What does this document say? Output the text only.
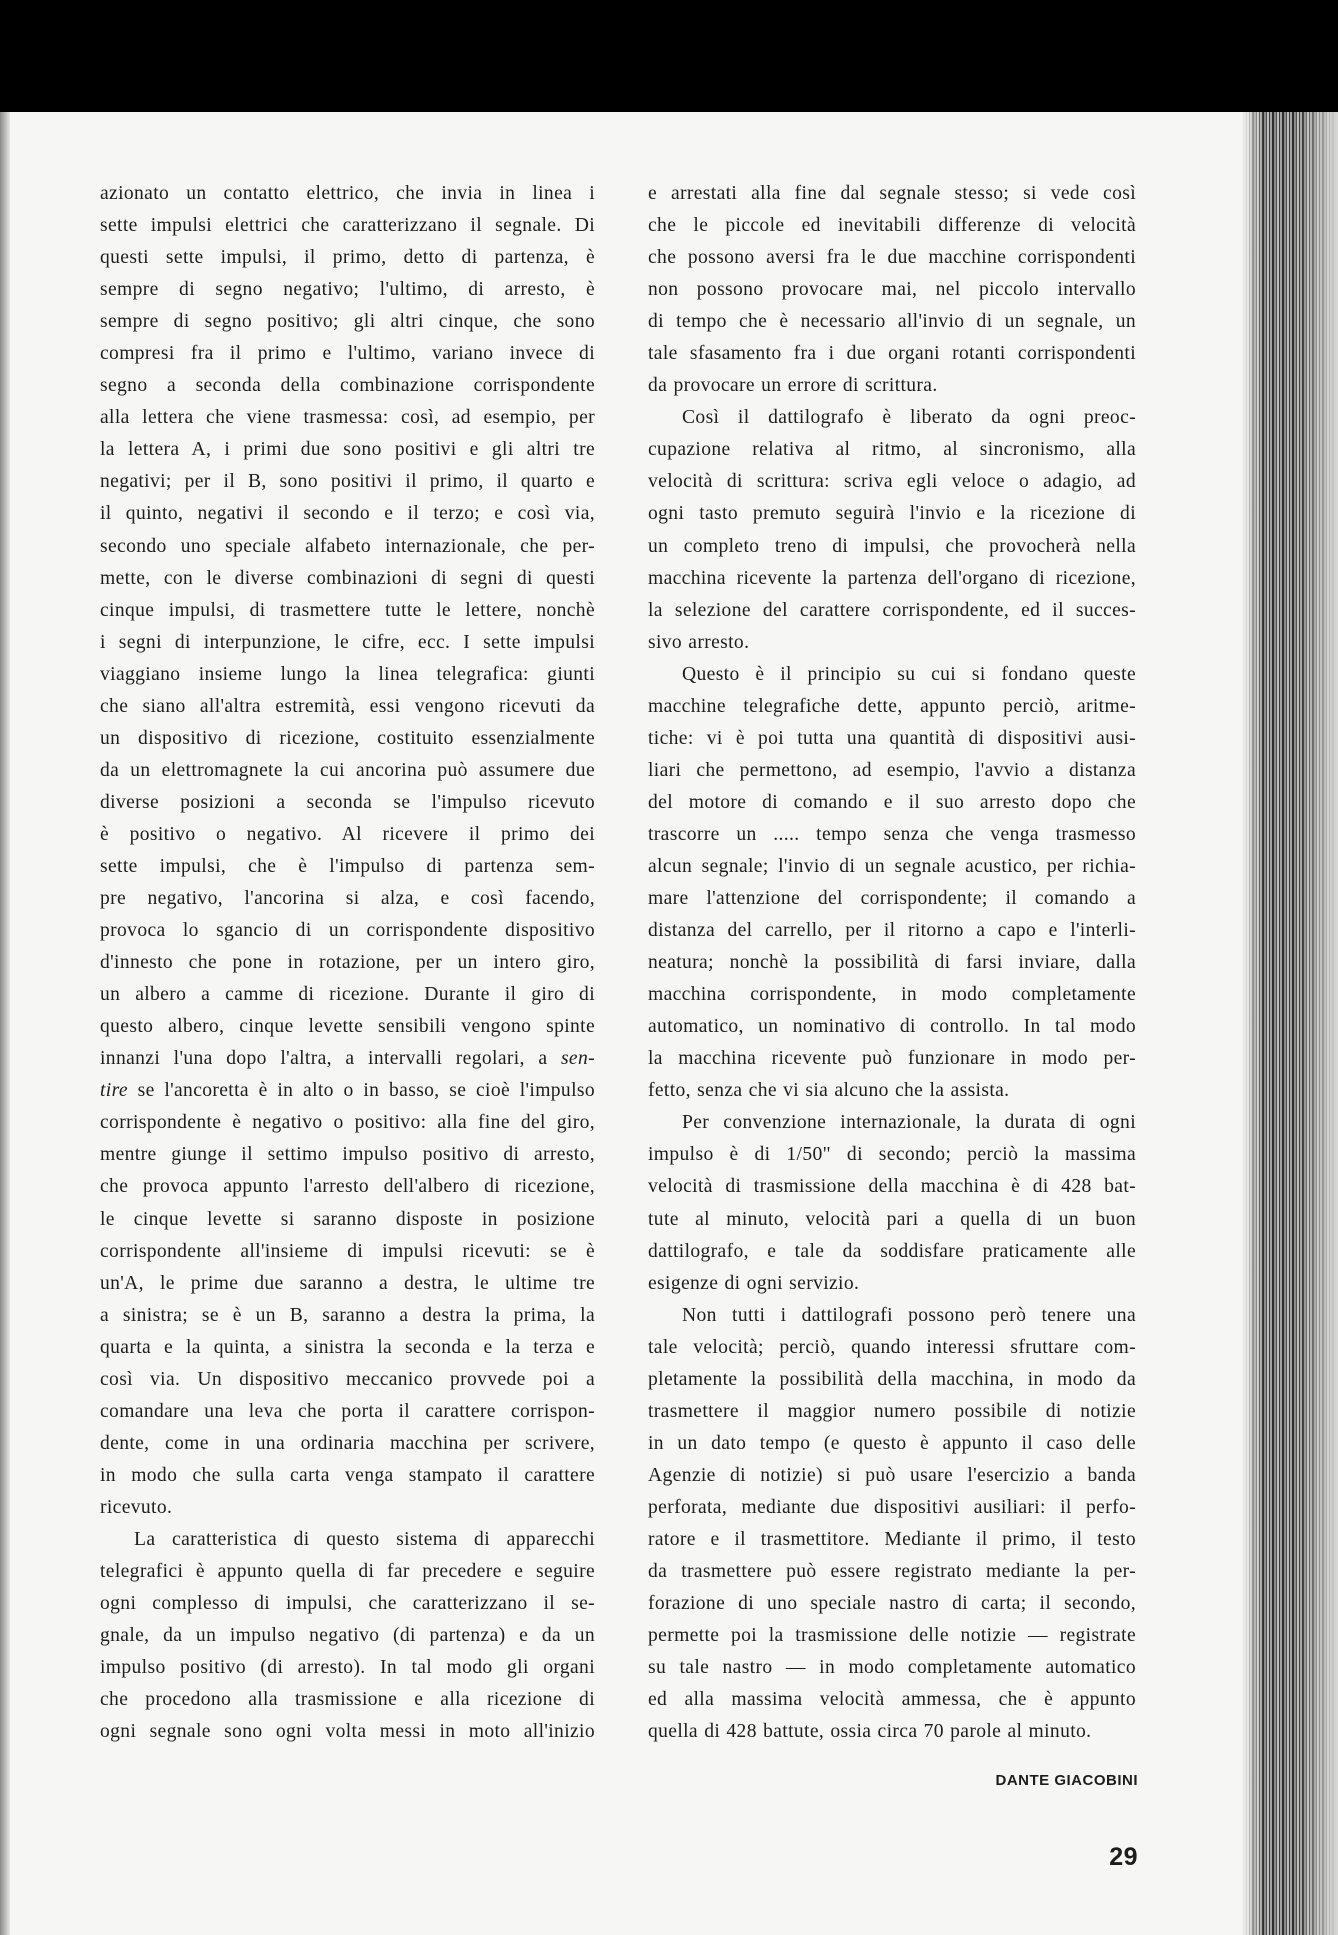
azionato un contatto elettrico, che invia in linea i
sette impulsi elettrici che caratterizzano il segnale. Di
questi sette impulsi, il primo, detto di partenza, è
sempre di segno negativo; l'ultimo, di arresto, è
sempre di segno positivo; gli altri cinque, che sono
compresi fra il primo e l'ultimo, variano invece di
segno a seconda della combinazione corrispondente
alla lettera che viene trasmessa: così, ad esempio, per
la lettera A, i primi due sono positivi e gli altri tre
negativi; per il B, sono positivi il primo, il quarto e
il quinto, negativi il secondo e il terzo; e così via,
secondo uno speciale alfabeto internazionale, che per-
mette, con le diverse combinazioni di segni di questi
cinque impulsi, di trasmettere tutte le lettere, nonchè
i segni di interpunzione, le cifre, ecc. I sette impulsi
viaggiano insieme lungo la linea telegrafica: giunti
che siano all'altra estremità, essi vengono ricevuti da
un dispositivo di ricezione, costituito essenzialmente
da un elettromagnete la cui ancorina può assumere due
diverse posizioni a seconda se l'impulso ricevuto
è positivo o negativo. Al ricevere il primo dei
sette impulsi, che è l'impulso di partenza sem-
pre negativo, l'ancorina si alza, e così facendo,
provoca lo sgancio di un corrispondente dispositivo
d'innesto che pone in rotazione, per un intero giro,
un albero a camme di ricezione. Durante il giro di
questo albero, cinque levette sensibili vengono spinte
innanzi l'una dopo l'altra, a intervalli regolari, a sen-
tire se l'ancoretta è in alto o in basso, se cioè l'impulso
corrispondente è negativo o positivo: alla fine del giro,
mentre giunge il settimo impulso positivo di arresto,
che provoca appunto l'arresto dell'albero di ricezione,
le cinque levette si saranno disposte in posizione
corrispondente all'insieme di impulsi ricevuti: se è
un'A, le prime due saranno a destra, le ultime tre
a sinistra; se è un B, saranno a destra la prima, la
quarta e la quinta, a sinistra la seconda e la terza e
così via. Un dispositivo meccanico provvede poi a
comandare una leva che porta il carattere corrispon-
dente, come in una ordinaria macchina per scrivere,
in modo che sulla carta venga stampato il carattere
ricevuto.
La caratteristica di questo sistema di apparecchi
telegrafici è appunto quella di far precedere e seguire
ogni complesso di impulsi, che caratterizzano il se-
gnale, da un impulso negativo (di partenza) e da un
impulso positivo (di arresto). In tal modo gli organi
che procedono alla trasmissione e alla ricezione di
ogni segnale sono ogni volta messi in moto all'inizio
e arrestati alla fine dal segnale stesso; si vede così
che le piccole ed inevitabili differenze di velocità
che possono aversi fra le due macchine corrispondenti
non possono provocare mai, nel piccolo intervallo
di tempo che è necessario all'invio di un segnale, un
tale sfasamento fra i due organi rotanti corrispondenti
da provocare un errore di scrittura.
Così il dattilografo è liberato da ogni preoc-
cupazione relativa al ritmo, al sincronismo, alla
velocità di scrittura: scriva egli veloce o adagio, ad
ogni tasto premuto seguirà l'invio e la ricezione di
un completo treno di impulsi, che provocherà nella
macchina ricevente la partenza dell'organo di ricezione,
la selezione del carattere corrispondente, ed il succes-
sivo arresto.
Questo è il principio su cui si fondano queste
macchine telegrafiche dette, appunto perciò, aritme-
tiche: vi è poi tutta una quantità di dispositivi ausi-
liari che permettono, ad esempio, l'avvio a distanza
del motore di comando e il suo arresto dopo che
trascorre un ..... tempo senza che venga trasmesso
alcun segnale; l'invio di un segnale acustico, per richia-
mare l'attenzione del corrispondente; il comando a
distanza del carrello, per il ritorno a capo e l'interli-
neatura; nonchè la possibilità di farsi inviare, dalla
macchina corrispondente, in modo completamente
automatico, un nominativo di controllo. In tal modo
la macchina ricevente può funzionare in modo per-
fetto, senza che vi sia alcuno che la assista.
Per convenzione internazionale, la durata di ogni
impulso è di 1/50" di secondo; perciò la massima
velocità di trasmissione della macchina è di 428 bat-
tute al minuto, velocità pari a quella di un buon
dattilografo, e tale da soddisfare praticamente alle
esigenze di ogni servizio.
Non tutti i dattilografi possono però tenere una
tale velocità; perciò, quando interessi sfruttare com-
pletamente la possibilità della macchina, in modo da
trasmettere il maggior numero possibile di notizie
in un dato tempo (e questo è appunto il caso delle
Agenzie di notizie) si può usare l'esercizio a banda
perforata, mediante due dispositivi ausiliari: il perfo-
ratore e il trasmettitore. Mediante il primo, il testo
da trasmettere può essere registrato mediante la per-
forazione di uno speciale nastro di carta; il secondo,
permette poi la trasmissione delle notizie — registrate
su tale nastro — in modo completamente automatico
ed alla massima velocità ammessa, che è appunto
quella di 428 battute, ossia circa 70 parole al minuto.
DANTE GIACOBINI
29
